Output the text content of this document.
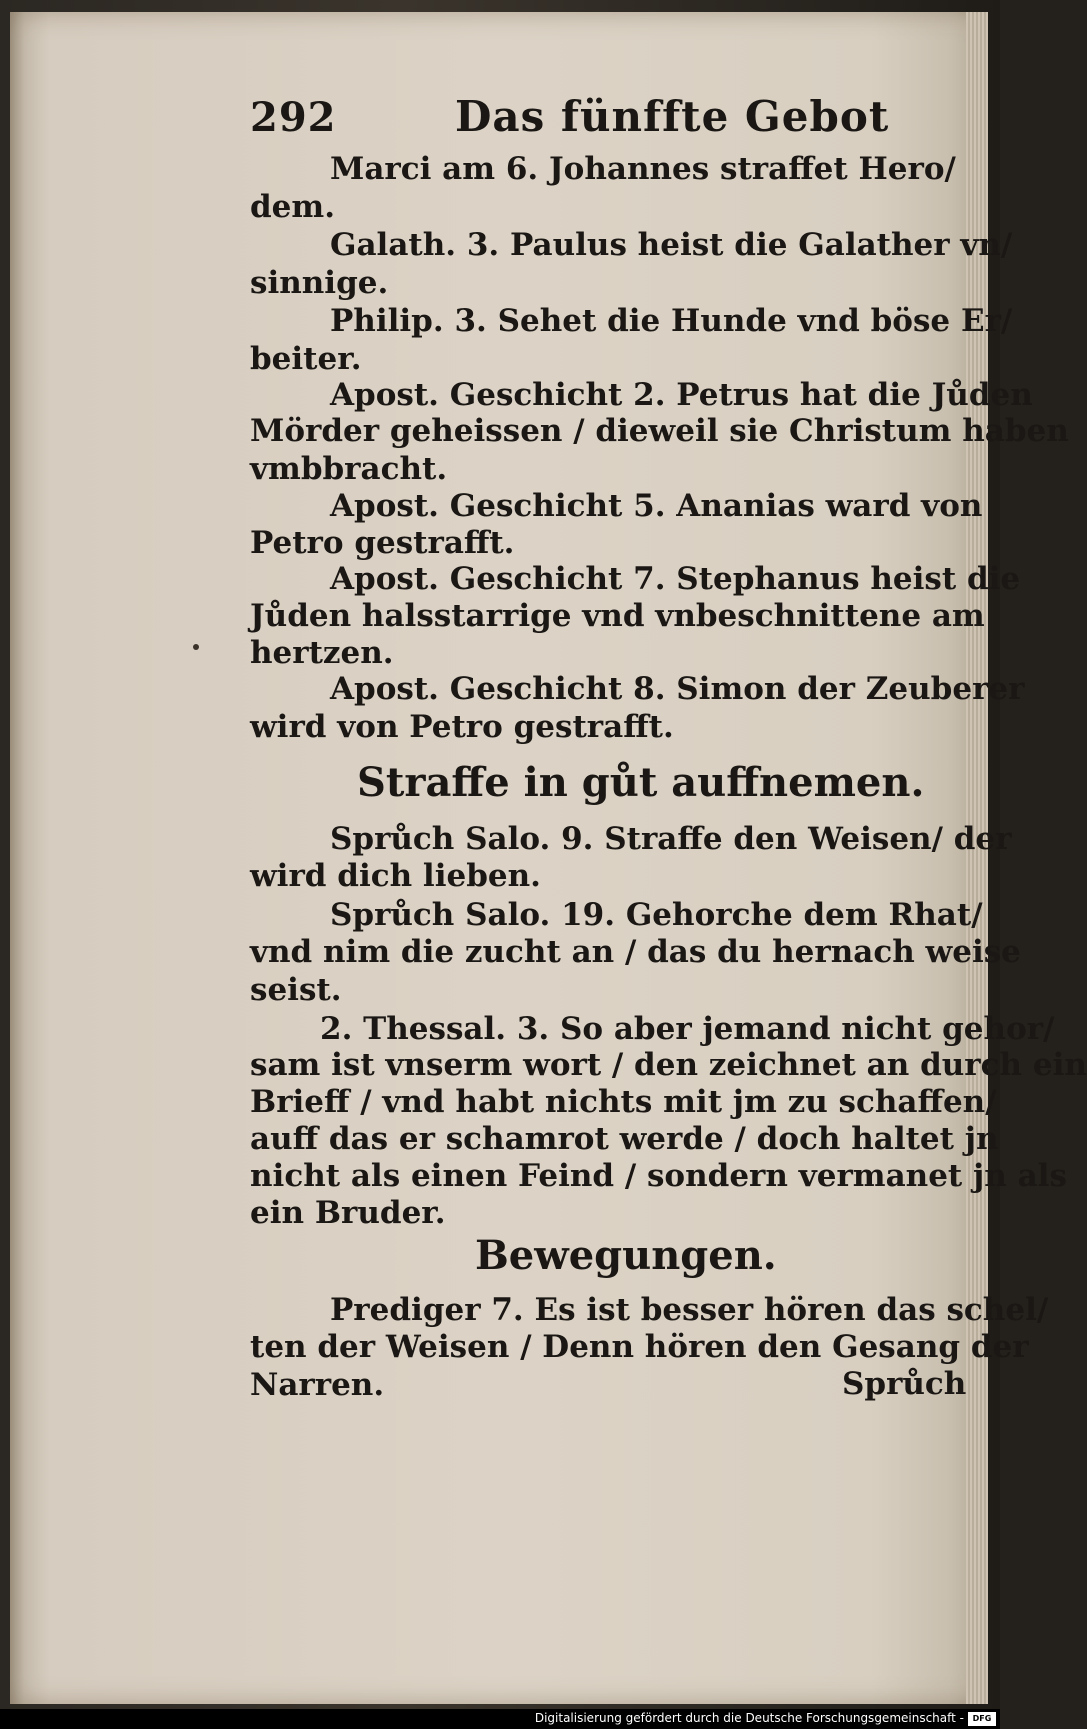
292	Das fünffte Gebot
Marci am 6. Johannes straffet Hero/
dem.
Galath. 3. Paulus heist die Galather vn/
sinnige.
Philip. 3. Sehet die Hunde vnd böse Er/
beiter.
Apost. Geschicht 2. Petrus hat die Jůden
Mörder geheissen / dieweil sie Christum haben
vmbbracht.
Apost. Geschicht 5. Ananias ward von
Petro gestrafft.
Apost. Geschicht 7. Stephanus heist die
Jůden halsstarrige vnd vnbeschnittene am
hertzen.
Apost. Geschicht 8. Simon der Zeuberer
wird von Petro gestrafft.
Straffe in gůt auffnemen.
Sprůch Salo. 9. Straffe den Weisen/ der
wird dich lieben.
Sprůch Salo. 19. Gehorche dem Rhat/
vnd nim die zucht an / das du hernach weise
seist.
2. Thessal. 3. So aber jemand nicht gehor/
sam ist vnserm wort / den zeichnet an durch ein
Brieff / vnd habt nichts mit jm zu schaffen/
auff das er schamrot werde / doch haltet jn
nicht als einen Feind / sondern vermanet jn als
ein Bruder.
Bewegungen.
Prediger 7. Es ist besser hören das schel/
ten der Weisen / Denn hören den Gesang der
Narren.	Sprůch
Digitalisierung gefördert durch die Deutsche Forschungsgemeinschaft -	DFG
